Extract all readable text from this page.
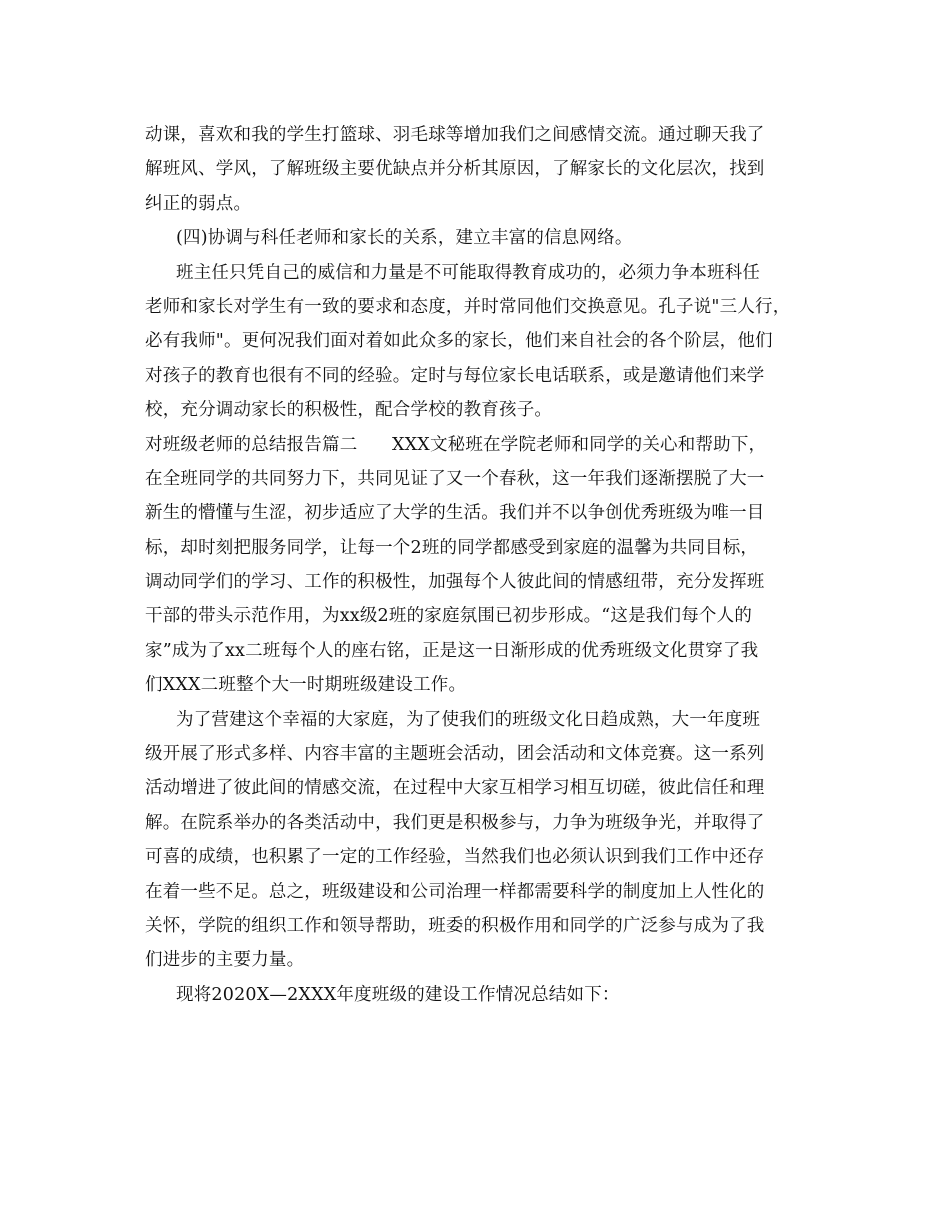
动课，喜欢和我的学生打篮球、羽毛球等增加我们之间感情交流。通过聊天我了
解班风、学风，了解班级主要优缺点并分析其原因，了解家长的文化层次，找到
纠正的弱点。
(四)协调与科任老师和家长的关系，建立丰富的信息网络。
班主任只凭自己的威信和力量是不可能取得教育成功的，必须力争本班科任
老师和家长对学生有一致的要求和态度，并时常同他们交换意见。孔子说"三人行，
必有我师"。更何况我们面对着如此众多的家长，他们来自社会的各个阶层，他们
对孩子的教育也很有不同的经验。定时与每位家长电话联系，或是邀请他们来学
校，充分调动家长的积极性，配合学校的教育孩子。
对班级老师的总结报告篇二      XXX文秘班在学院老师和同学的关心和帮助下，
在全班同学的共同努力下，共同见证了又一个春秋，这一年我们逐渐摆脱了大一
新生的懵懂与生涩，初步适应了大学的生活。我们并不以争创优秀班级为唯一目
标，却时刻把服务同学，让每一个2班的同学都感受到家庭的温馨为共同目标，
调动同学们的学习、工作的积极性，加强每个人彼此间的情感纽带，充分发挥班
干部的带头示范作用，为xx级2班的家庭氛围已初步形成。“这是我们每个人的
家”成为了xx二班每个人的座右铭，正是这一日渐形成的优秀班级文化贯穿了我
们XXX二班整个大一时期班级建设工作。
为了营建这个幸福的大家庭，为了使我们的班级文化日趋成熟，大一年度班
级开展了形式多样、内容丰富的主题班会活动，团会活动和文体竞赛。这一系列
活动增进了彼此间的情感交流，在过程中大家互相学习相互切磋，彼此信任和理
解。在院系举办的各类活动中，我们更是积极参与，力争为班级争光，并取得了
可喜的成绩，也积累了一定的工作经验，当然我们也必须认识到我们工作中还存
在着一些不足。总之，班级建设和公司治理一样都需要科学的制度加上人性化的
关怀，学院的组织工作和领导帮助，班委的积极作用和同学的广泛参与成为了我
们进步的主要力量。
现将2020X—2XXX年度班级的建设工作情况总结如下：
